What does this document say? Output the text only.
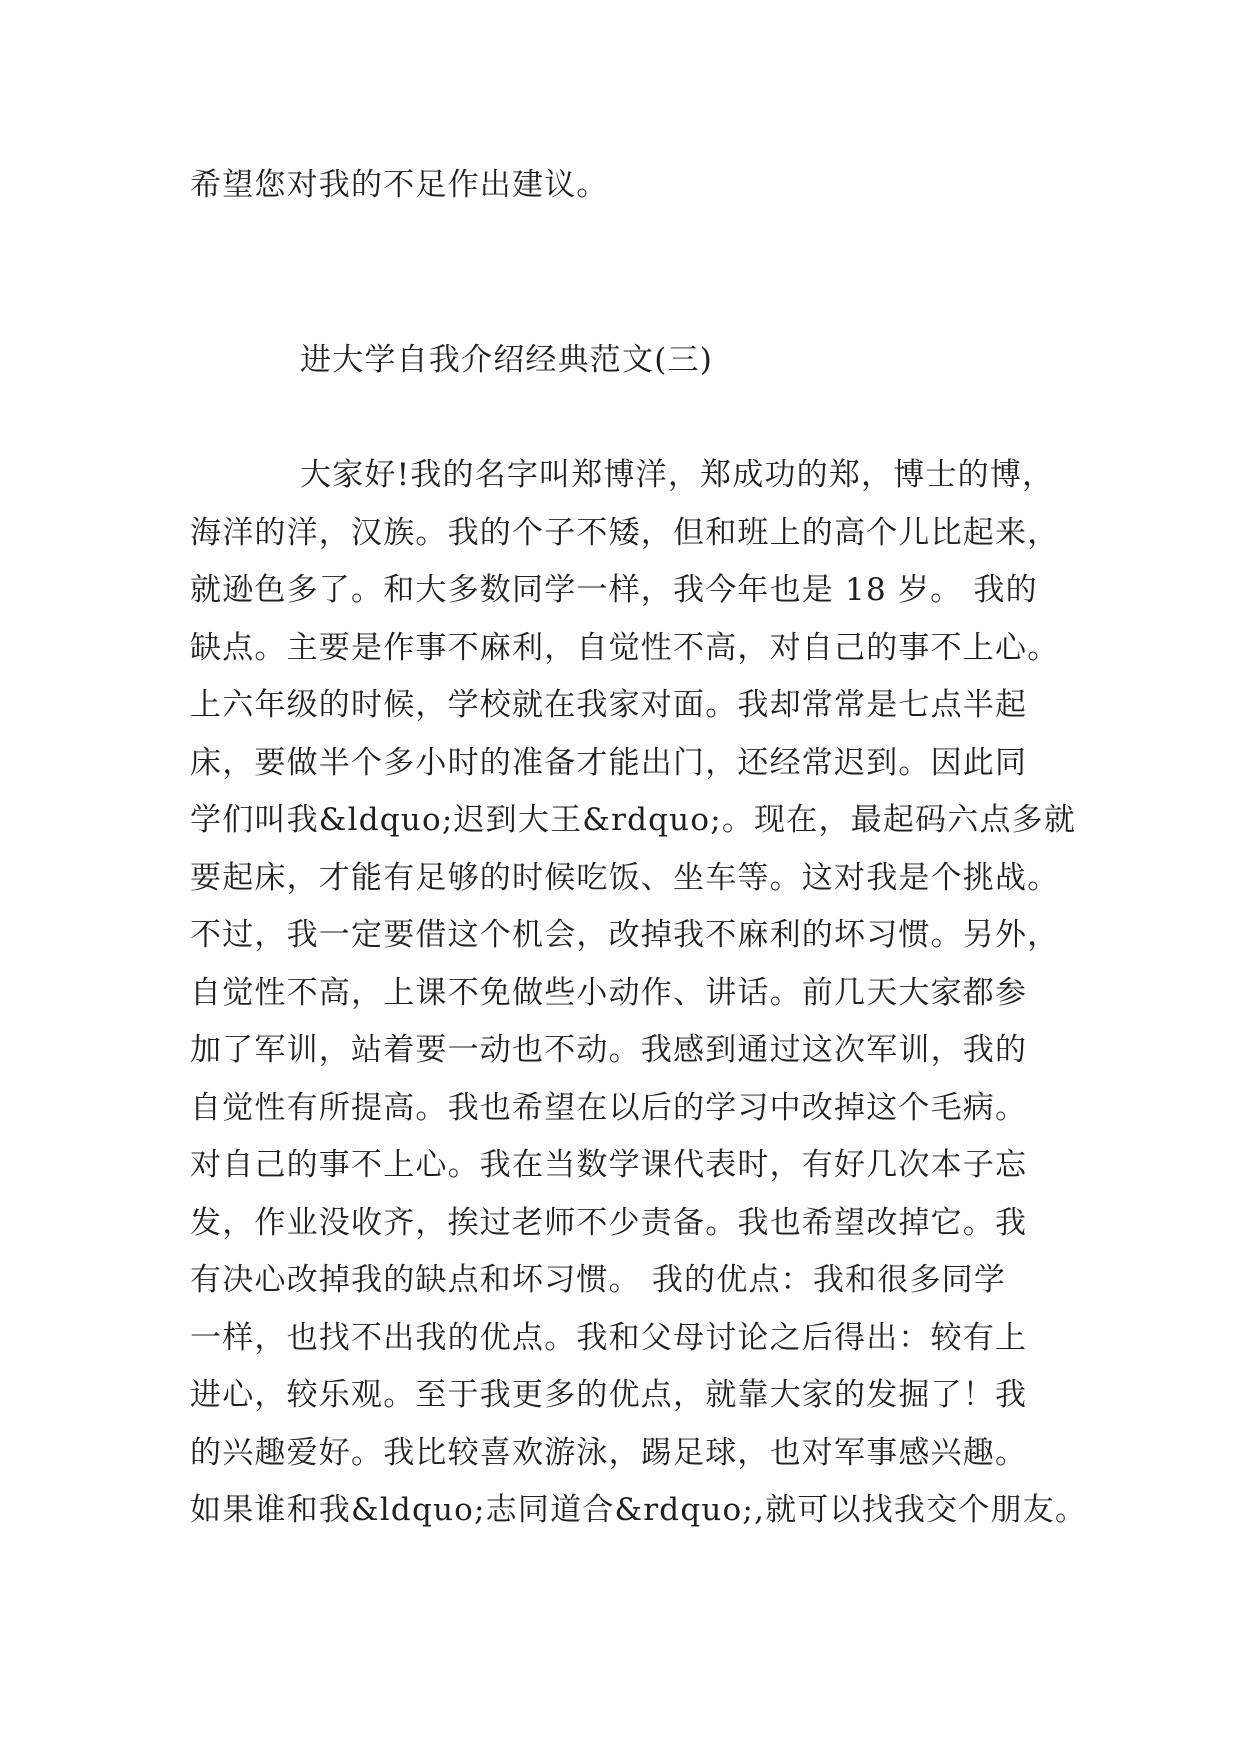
希望您对我的不足作出建议。
进大学自我介绍经典范文(三)
大家好!我的名字叫郑博洋，郑成功的郑，博士的博，
海洋的洋，汉族。我的个子不矮，但和班上的高个儿比起来，
就逊色多了。和大多数同学一样，我今年也是 18 岁。 我的
缺点。主要是作事不麻利，自觉性不高，对自己的事不上心。
上六年级的时候，学校就在我家对面。我却常常是七点半起
床，要做半个多小时的准备才能出门，还经常迟到。因此同
学们叫我&ldquo;迟到大王&rdquo;。现在，最起码六点多就
要起床，才能有足够的时候吃饭、坐车等。这对我是个挑战。
不过，我一定要借这个机会，改掉我不麻利的坏习惯。另外，
自觉性不高，上课不免做些小动作、讲话。前几天大家都参
加了军训，站着要一动也不动。我感到通过这次军训，我的
自觉性有所提高。我也希望在以后的学习中改掉这个毛病。
对自己的事不上心。我在当数学课代表时，有好几次本子忘
发，作业没收齐，挨过老师不少责备。我也希望改掉它。我
有决心改掉我的缺点和坏习惯。 我的优点：我和很多同学
一样，也找不出我的优点。我和父母讨论之后得出：较有上
进心，较乐观。至于我更多的优点，就靠大家的发掘了！我
的兴趣爱好。我比较喜欢游泳，踢足球，也对军事感兴趣。
如果谁和我&ldquo;志同道合&rdquo;,就可以找我交个朋友。
